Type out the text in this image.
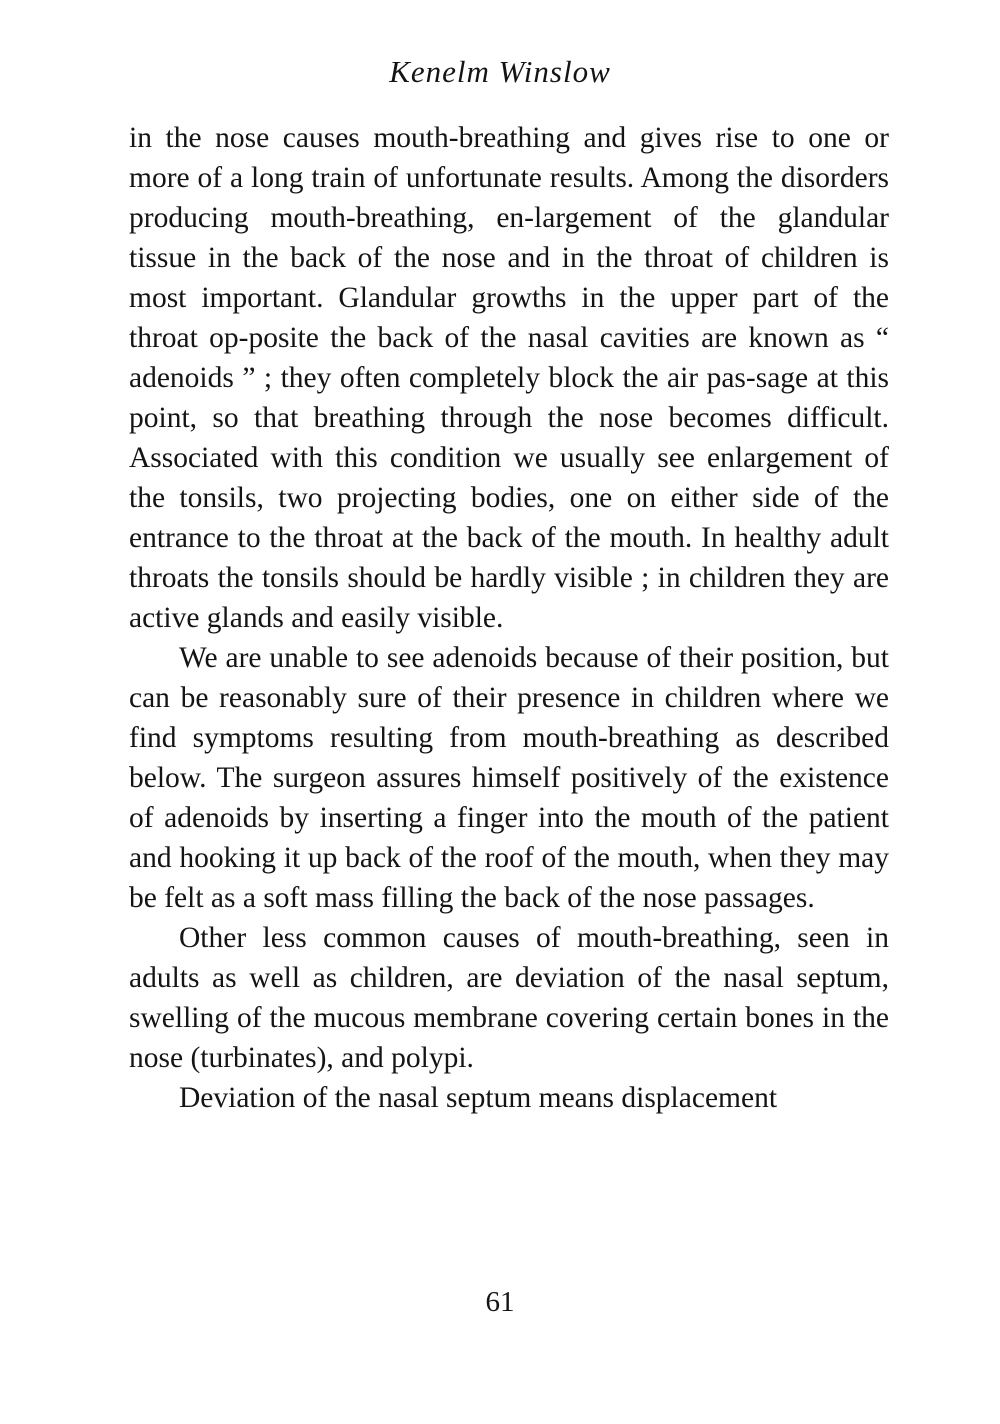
Kenelm Winslow

in the nose causes mouth-breathing and gives rise to one or more of a long train of unfortunate results. Among the disorders producing mouth-breathing, en-largement of the glandular tissue in the back of the nose and in the throat of children is most important. Glandular growths in the upper part of the throat op-posite the back of the nasal cavities are known as “ adenoids ” ; they often completely block the air pas-sage at this point, so that breathing through the nose becomes difficult. Associated with this condition we usually see enlargement of the tonsils, two projecting bodies, one on either side of the entrance to the throat at the back of the mouth. In healthy adult throats the tonsils should be hardly visible ; in children they are active glands and easily visible.

We are unable to see adenoids because of their position, but can be reasonably sure of their presence in children where we find symptoms resulting from mouth-breathing as described below. The surgeon assures himself positively of the existence of adenoids by inserting a finger into the mouth of the patient and hooking it up back of the roof of the mouth, when they may be felt as a soft mass filling the back of the nose passages.

Other less common causes of mouth-breathing, seen in adults as well as children, are deviation of the nasal septum, swelling of the mucous membrane covering certain bones in the nose (turbinates), and polypi.

Deviation of the nasal septum means displacement

61
